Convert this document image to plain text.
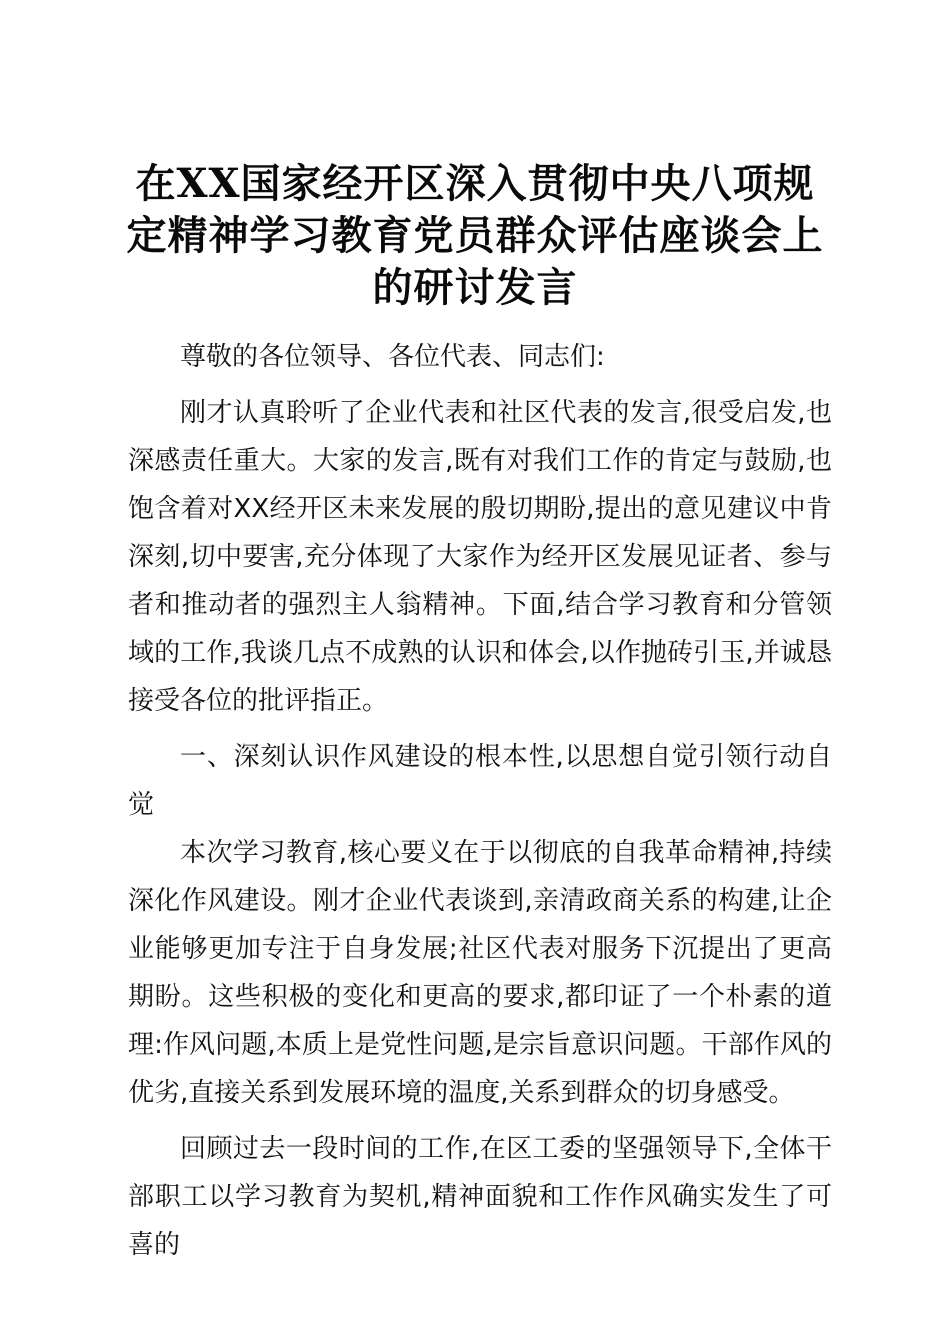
在XX国家经开区深入贯彻中央八项规定精神学习教育党员群众评估座谈会上的研讨发言

尊敬的各位领导、各位代表、同志们:

刚才认真聆听了企业代表和社区代表的发言,很受启发,也深感责任重大。大家的发言,既有对我们工作的肯定与鼓励,也饱含着对XX经开区未来发展的殷切期盼,提出的意见建议中肯深刻,切中要害,充分体现了大家作为经开区发展见证者、参与者和推动者的强烈主人翁精神。下面,结合学习教育和分管领域的工作,我谈几点不成熟的认识和体会,以作抛砖引玉,并诚恳接受各位的批评指正。

一、深刻认识作风建设的根本性,以思想自觉引领行动自觉

本次学习教育,核心要义在于以彻底的自我革命精神,持续深化作风建设。刚才企业代表谈到,亲清政商关系的构建,让企业能够更加专注于自身发展;社区代表对服务下沉提出了更高期盼。这些积极的变化和更高的要求,都印证了一个朴素的道理:作风问题,本质上是党性问题,是宗旨意识问题。干部作风的优劣,直接关系到发展环境的温度,关系到群众的切身感受。

回顾过去一段时间的工作,在区工委的坚强领导下,全体干部职工以学习教育为契机,精神面貌和工作作风确实发生了可喜的
